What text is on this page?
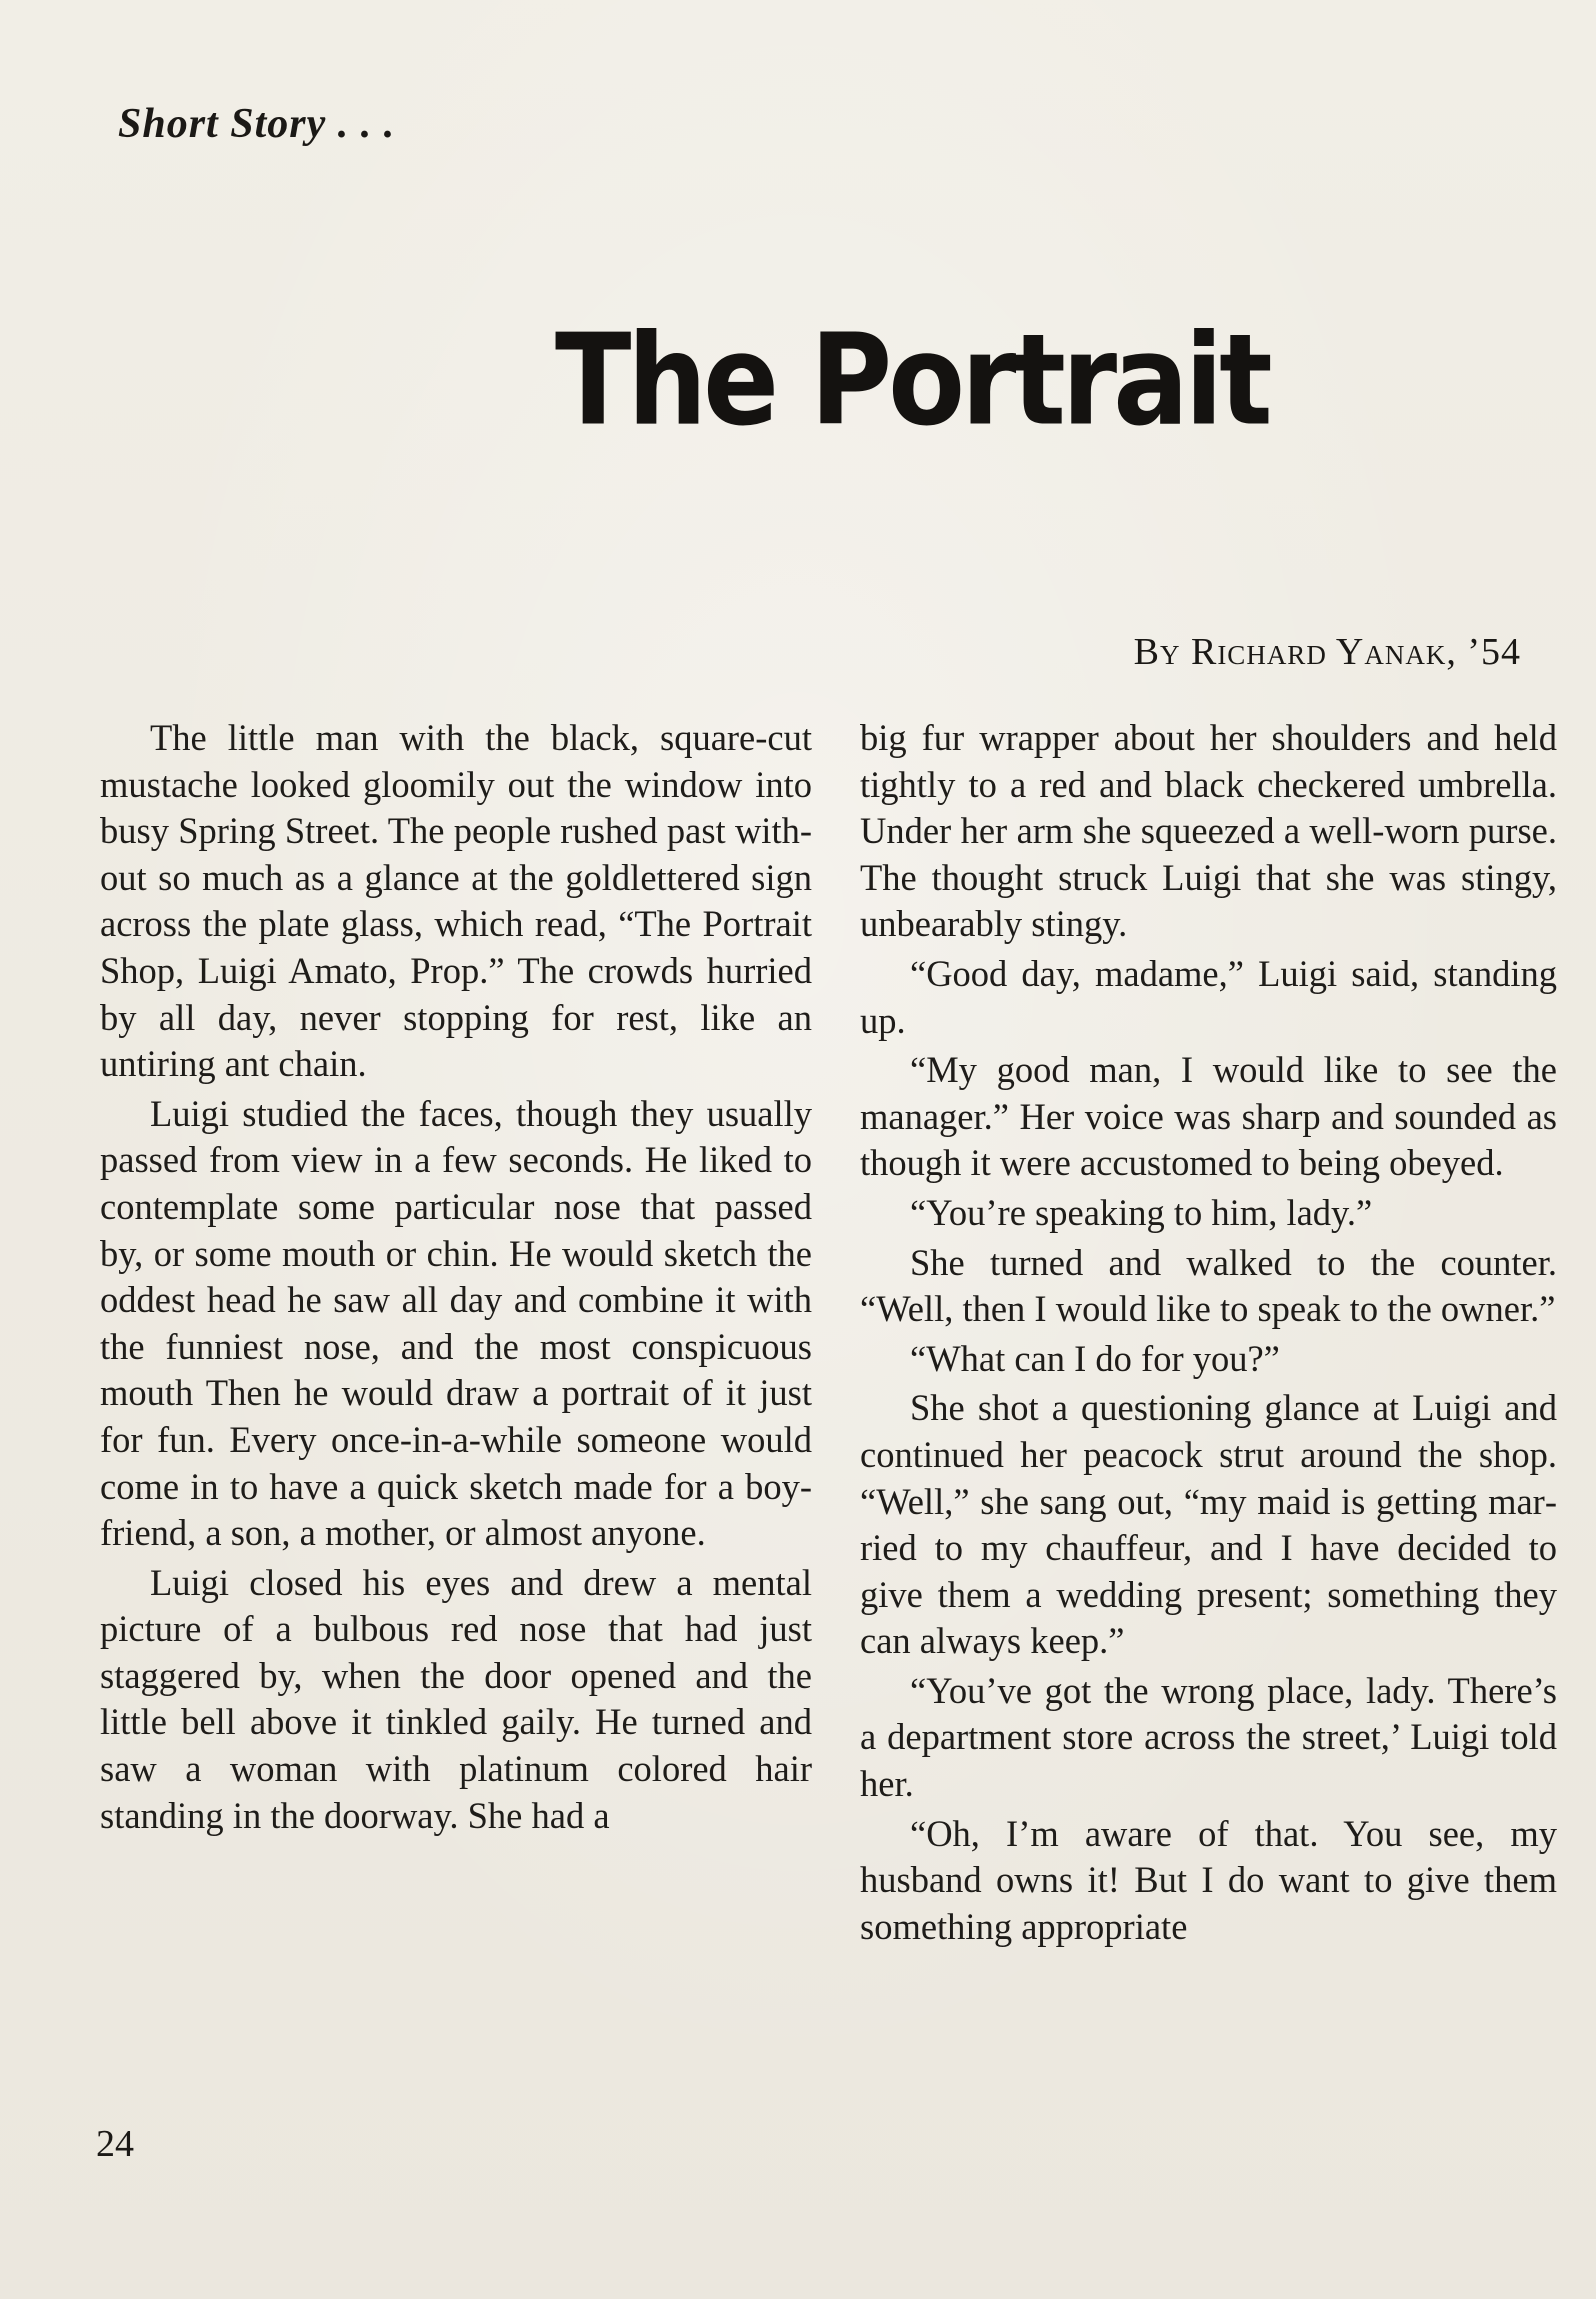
Short Story . . .
The Portrait
By Richard Yanak, ’54

The little man with the black, square-cut mustache looked gloomily out the window into busy Spring Street. The people rushed past without so much as a glance at the goldlettered sign across the plate glass, which read, “The Portrait Shop, Luigi Amato, Prop.” The crowds hurried by all day, never stopping for rest, like an untiring ant chain.

Luigi studied the faces, though they usually passed from view in a few seconds. He liked to contemplate some particular nose that passed by, or some mouth or chin. He would sketch the oddest head he saw all day and combine it with the funniest nose, and the most conspicuous mouth Then he would draw a portrait of it just for fun. Every once-in-a-while someone would come in to have a quick sketch made for a boy-friend, a son, a mother, or almost anyone.

Luigi closed his eyes and drew a mental picture of a bulbous red nose that had just staggered by, when the door opened and the little bell above it tinkled gaily. He turned and saw a woman with platinum colored hair standing in the doorway. She had a

big fur wrapper about her shoulders and held tightly to a red and black checkered umbrella. Under her arm she squeezed a well-worn purse. The thought struck Luigi that she was stingy, unbearably stingy.

“Good day, madame,” Luigi said, standing up.

“My good man, I would like to see the manager.” Her voice was sharp and sounded as though it were accustomed to being obeyed.

“You’re speaking to him, lady.”

She turned and walked to the counter. “Well, then I would like to speak to the owner.”

“What can I do for you?”

She shot a questioning glance at Luigi and continued her peacock strut around the shop. “Well,” she sang out, “my maid is getting married to my chauffeur, and I have decided to give them a wedding present; something they can always keep.”

“You’ve got the wrong place, lady. There’s a department store across the street,’ Luigi told her.

“Oh, I’m aware of that. You see, my husband owns it! But I do want to give them something appropriate

24
